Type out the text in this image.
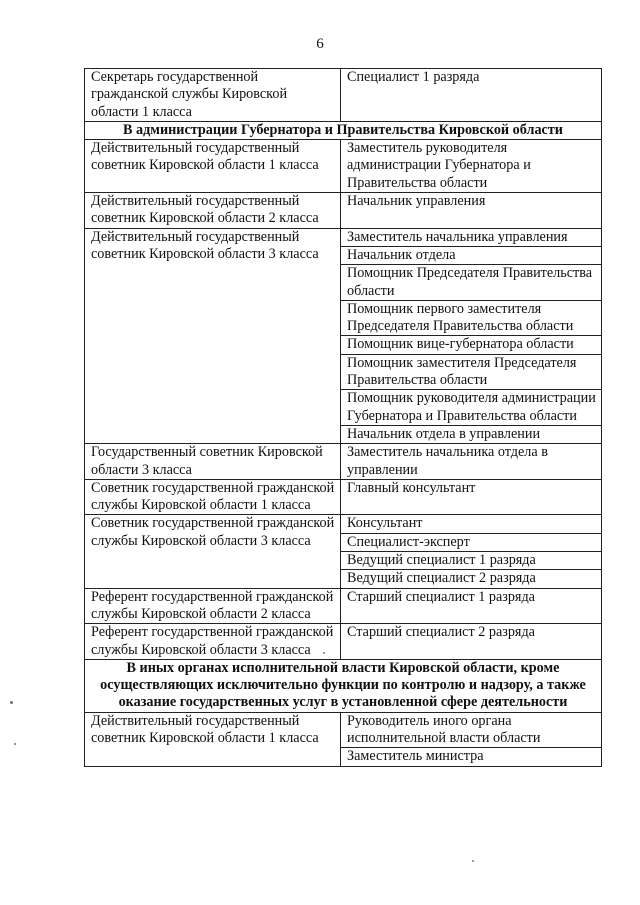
6
Секретарь государственной гражданской службы Кировской области 1 класса	Специалист 1 разряда
В администрации Губернатора и Правительства Кировской области	
Действительный государственный советник Кировской области 1 класса	Заместитель руководителя администрации Губернатора и Правительства области
Действительный государственный советник Кировской области 2 класса	Начальник управления
Действительный государственный советник Кировской области 3 класса	Заместитель начальника управления
	Начальник отдела
	Помощник Председателя Правительства области
	Помощник первого заместителя Председателя Правительства области
	Помощник вице-губернатора области
	Помощник заместителя Председателя Правительства области
	Помощник руководителя администрации Губернатора и Правительства области
	Начальник отдела в управлении
Государственный советник Кировской области 3 класса	Заместитель начальника отдела в управлении
Советник государственной гражданской службы Кировской области 1 класса	Главный консультант
Советник государственной гражданской службы Кировской области 3 класса	Консультант
	Специалист-эксперт
	Ведущий специалист 1 разряда
	Ведущий специалист 2 разряда
Референт государственной гражданской службы Кировской области 2 класса	Старший специалист 1 разряда
Референт государственной гражданской службы Кировской области 3 класса	Старший специалист 2 разряда
В иных органах исполнительной власти Кировской области, кроме осуществляющих исключительно функции по контролю и надзору, а также оказание государственных услуг в установленной сфере деятельности	
Действительный государственный советник Кировской области 1 класса	Руководитель иного органа исполнительной власти области
	Заместитель министра
